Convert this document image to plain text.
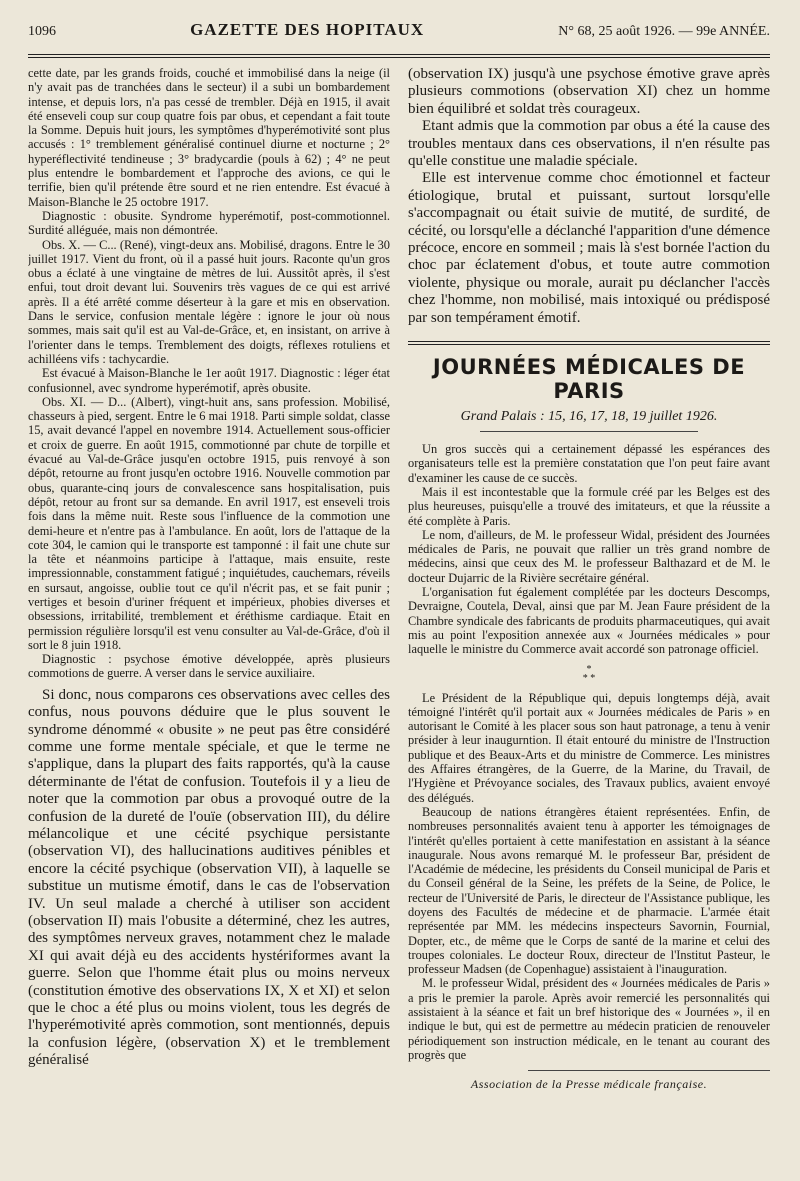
1096	GAZETTE DES HOPITAUX	N° 68, 25 août 1926. — 99e ANNÉE.

cette date, par les grands froids, couché et immobilisé dans la neige (il n'y avait pas de tranchées dans le secteur) il a subi un bombardement intense, et depuis lors, n'a pas cessé de trembler. Déjà en 1915, il avait été enseveli coup sur coup quatre fois par obus, et cependant a fait toute la Somme. Depuis huit jours, les symptômes d'hyperémotivité sont plus accusés : 1° tremblement généralisé continuel diurne et nocturne ; 2° hyperéflectivité tendineuse ; 3° bradycardie (pouls à 62) ; 4° ne peut plus entendre le bombardement et l'approche des avions, ce qui le terrifie, bien qu'il prétende être sourd et ne rien entendre. Est évacué à Maison-Blanche le 25 octobre 1917.

Diagnostic : obusite. Syndrome hyperémotif, post-commotionnel. Surdité alléguée, mais non démontrée.

Obs. X. — C... (René), vingt-deux ans. Mobilisé, dragons. Entre le 30 juillet 1917. Vient du front, où il a passé huit jours. Raconte qu'un gros obus a éclaté à une vingtaine de mètres de lui. Aussitôt après, il s'est enfui, tout droit devant lui. Souvenirs très vagues de ce qui est arrivé après. Il a été arrêté comme déserteur à la gare et mis en observation. Dans le service, confusion mentale légère : ignore le jour où nous sommes, mais sait qu'il est au Val-de-Grâce, et, en insistant, on arrive à l'orienter dans le temps. Tremblement des doigts, réflexes rotuliens et achilléens vifs : tachycardie.

Est évacué à Maison-Blanche le 1er août 1917. Diagnostic : léger état confusionnel, avec syndrome hyperémotif, après obusite.

Obs. XI. — D... (Albert), vingt-huit ans, sans profession. Mobilisé, chasseurs à pied, sergent. Entre le 6 mai 1918. Parti simple soldat, classe 15, avait devancé l'appel en novembre 1914. Actuellement sous-officier et croix de guerre. En août 1915, commotionné par chute de torpille et évacué au Val-de-Grâce jusqu'en octobre 1915, puis renvoyé à son dépôt, retourne au front jusqu'en octobre 1916. Nouvelle commotion par obus, quarante-cinq jours de convalescence sans hospitalisation, puis dépôt, retour au front sur sa demande. En avril 1917, est enseveli trois fois dans la même nuit. Reste sous l'influence de la commotion une demi-heure et n'entre pas à l'ambulance. En août, lors de l'attaque de la cote 304, le camion qui le transporte est tamponné : il fait une chute sur la tête et néanmoins participe à l'attaque, mais ensuite, reste impressionnable, constamment fatigué ; inquiétudes, cauchemars, réveils en sursaut, angoisse, oublie tout ce qu'il n'écrit pas, et se fait punir ; vertiges et besoin d'uriner fréquent et impérieux, phobies diverses et obsessions, irritabilité, tremblement et éréthisme cardiaque. Etait en permission régulière lorsqu'il est venu consulter au Val-de-Grâce, d'où il sort le 8 juin 1918.

Diagnostic : psychose émotive développée, après plusieurs commotions de guerre. A verser dans le service auxiliaire.

Si donc, nous comparons ces observations avec celles des confus, nous pouvons déduire que le plus souvent le syndrome dénommé « obusite » ne peut pas être considéré comme une forme mentale spéciale, et que le terme ne s'applique, dans la plupart des faits rapportés, qu'à la cause déterminante de l'état de confusion. Toutefois il y a lieu de noter que la commotion par obus a provoqué outre de la confusion de la dureté de l'ouïe (observation III), du délire mélancolique et une cécité psychique persistante (observation VI), des hallucinations auditives pénibles et encore la cécité psychique (observation VII), à laquelle se substitue un mutisme émotif, dans le cas de l'observation IV. Un seul malade a cherché à utiliser son accident (observation II) mais l'obusite a déterminé, chez les autres, des symptômes nerveux graves, notamment chez le malade XI qui avait déjà eu des accidents hystériformes avant la guerre. Selon que l'homme était plus ou moins nerveux (constitution émotive des observations IX, X et XI) et selon que le choc a été plus ou moins violent, tous les degrés de l'hyperémotivité après commotion, sont mentionnés, depuis la confusion légère, (observation X) et le tremblement généralisé

(observation IX) jusqu'à une psychose émotive grave après plusieurs commotions (observation XI) chez un homme bien équilibré et soldat très courageux.

Etant admis que la commotion par obus a été la cause des troubles mentaux dans ces observations, il n'en résulte pas qu'elle constitue une maladie spéciale.

Elle est intervenue comme choc émotionnel et facteur étiologique, brutal et puissant, surtout lorsqu'elle s'accompagnait ou était suivie de mutité, de surdité, de cécité, ou lorsqu'elle a déclanché l'apparition d'une démence précoce, encore en sommeil ; mais là s'est bornée l'action du choc par éclatement d'obus, et toute autre commotion violente, physique ou morale, aurait pu déclancher l'accès chez l'homme, non mobilisé, mais intoxiqué ou prédisposé par son tempérament émotif.

JOURNÉES MÉDICALES DE PARIS
Grand Palais : 15, 16, 17, 18, 19 juillet 1926.

Un gros succès qui a certainement dépassé les espérances des organisateurs telle est la première constatation que l'on peut faire avant d'examiner les cause de ce succès.

Mais il est incontestable que la formule créé par les Belges est des plus heureuses, puisqu'elle a trouvé des imitateurs, et que la réussite a été complète à Paris.

Le nom, d'ailleurs, de M. le professeur Widal, président des Journées médicales de Paris, ne pouvait que rallier un très grand nombre de médecins, ainsi que ceux des M. le professeur Balthazard et de M. le docteur Dujarric de la Rivière secrétaire général.

L'organisation fut également complétée par les docteurs Descomps, Devraigne, Coutela, Deval, ainsi que par M. Jean Faure président de la Chambre syndicale des fabricants de produits pharmaceutiques, qui avait mis au point l'exposition annexée aux « Journées médicales » pour laquelle le ministre du Commerce avait accordé son patronage officiel.

*
* *

Le Président de la République qui, depuis longtemps déjà, avait témoigné l'intérêt qu'il portait aux « Journées médicales de Paris » en autorisant le Comité à les placer sous son haut patronage, a tenu à venir présider à leur inaugurntion. Il était entouré du ministre de l'Instruction publique et des Beaux-Arts et du ministre de Commerce. Les ministres des Affaires étrangères, de la Guerre, de la Marine, du Travail, de l'Hygiène et Prévoyance sociales, des Travaux publics, avaient envoyé des délégués.

Beaucoup de nations étrangères étaient représentées. Enfin, de nombreuses personnalités avaient tenu à apporter les témoignages de l'intérêt qu'elles portaient à cette manifestation en assistant à la séance inaugurale. Nous avons remarqué M. le professeur Bar, président de l'Académie de médecine, les présidents du Conseil municipal de Paris et du Conseil général de la Seine, les préfets de la Seine, de Police, le recteur de l'Université de Paris, le directeur de l'Assistance publique, les doyens des Facultés de médecine et de pharmacie. L'armée était représentée par MM. les médecins inspecteurs Savornin, Fournial, Dopter, etc., de même que le Corps de santé de la marine et celui des troupes coloniales. Le docteur Roux, directeur de l'Institut Pasteur, le professeur Madsen (de Copenhague) assistaient à l'inauguration.

M. le professeur Widal, président des « Journées médicales de Paris » a pris le premier la parole. Après avoir remercié les personnalités qui assistaient à la séance et fait un bref historique des « Journées », il en indique le but, qui est de permettre au médecin praticien de renouveler périodiquement son instruction médicale, en le tenant au courant des progrès que

Association de la Presse médicale française.
